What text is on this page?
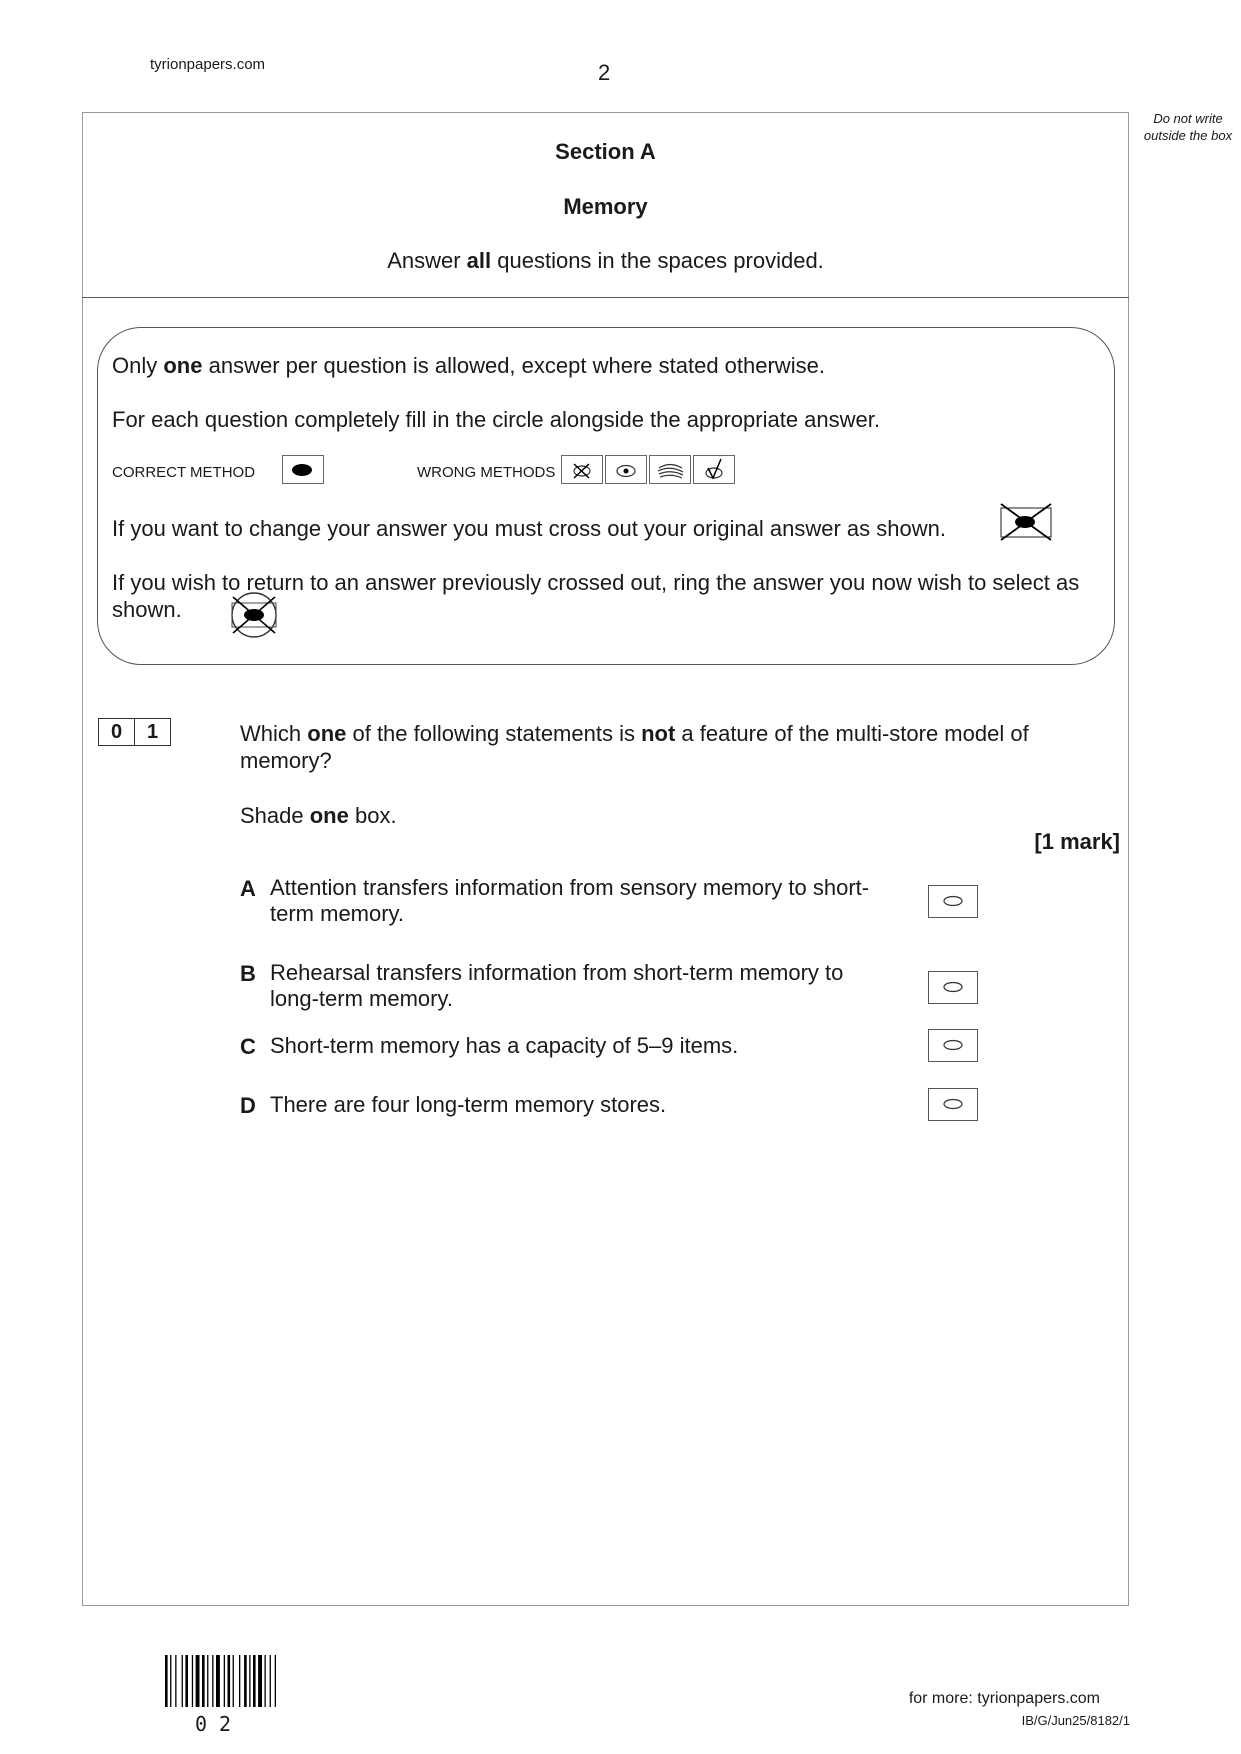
tyrionpapers.com	2
Do not write outside the box
Section A
Memory
Answer all questions in the spaces provided.
Only one answer per question is allowed, except where stated otherwise.
For each question completely fill in the circle alongside the appropriate answer.
CORRECT METHOD	WRONG METHODS
If you want to change your answer you must cross out your original answer as shown.
If you wish to return to an answer previously crossed out, ring the answer you now wish to select as shown.
0	1	Which one of the following statements is not a feature of the multi-store model of memory?
Shade one box.
[1 mark]
A Attention transfers information from sensory memory to short-term memory.
B Rehearsal transfers information from short-term memory to long-term memory.
C Short-term memory has a capacity of 5–9 items.
D There are four long-term memory stores.
02
for more: tyrionpapers.com
IB/G/Jun25/8182/1
